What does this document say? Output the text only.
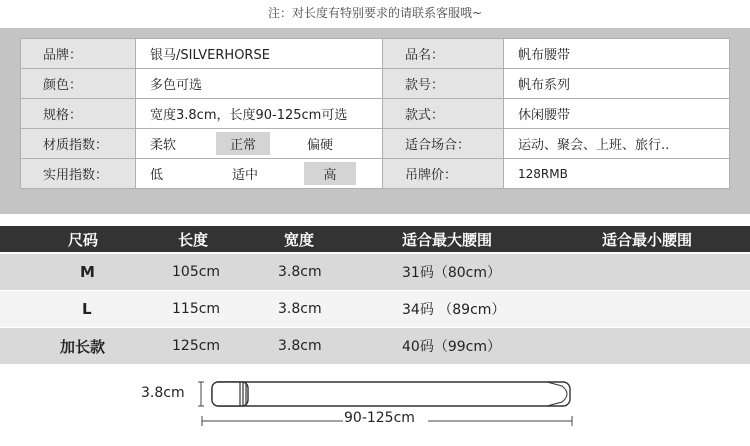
注：对长度有特别要求的请联系客服哦~
品牌：	银马/SILVERHORSE	品名：	帆布腰带
颜色：	多色可选	款号：	帆布系列
规格：	宽度3.8cm，长度90-125cm可选	款式：	休闲腰带
材质指数：	柔软 正常 偏硬	适合场合：	运动、聚会、上班、旅行..
实用指数：	低 适中 高	吊牌价：	128RMB
尺码	长度	宽度	适合最大腰围	适合最小腰围
M	105cm	3.8cm	31码（80cm）
L	115cm	3.8cm	34码 （89cm）
加长款	125cm	3.8cm	40码（99cm）
3.8cm
90-125cm
